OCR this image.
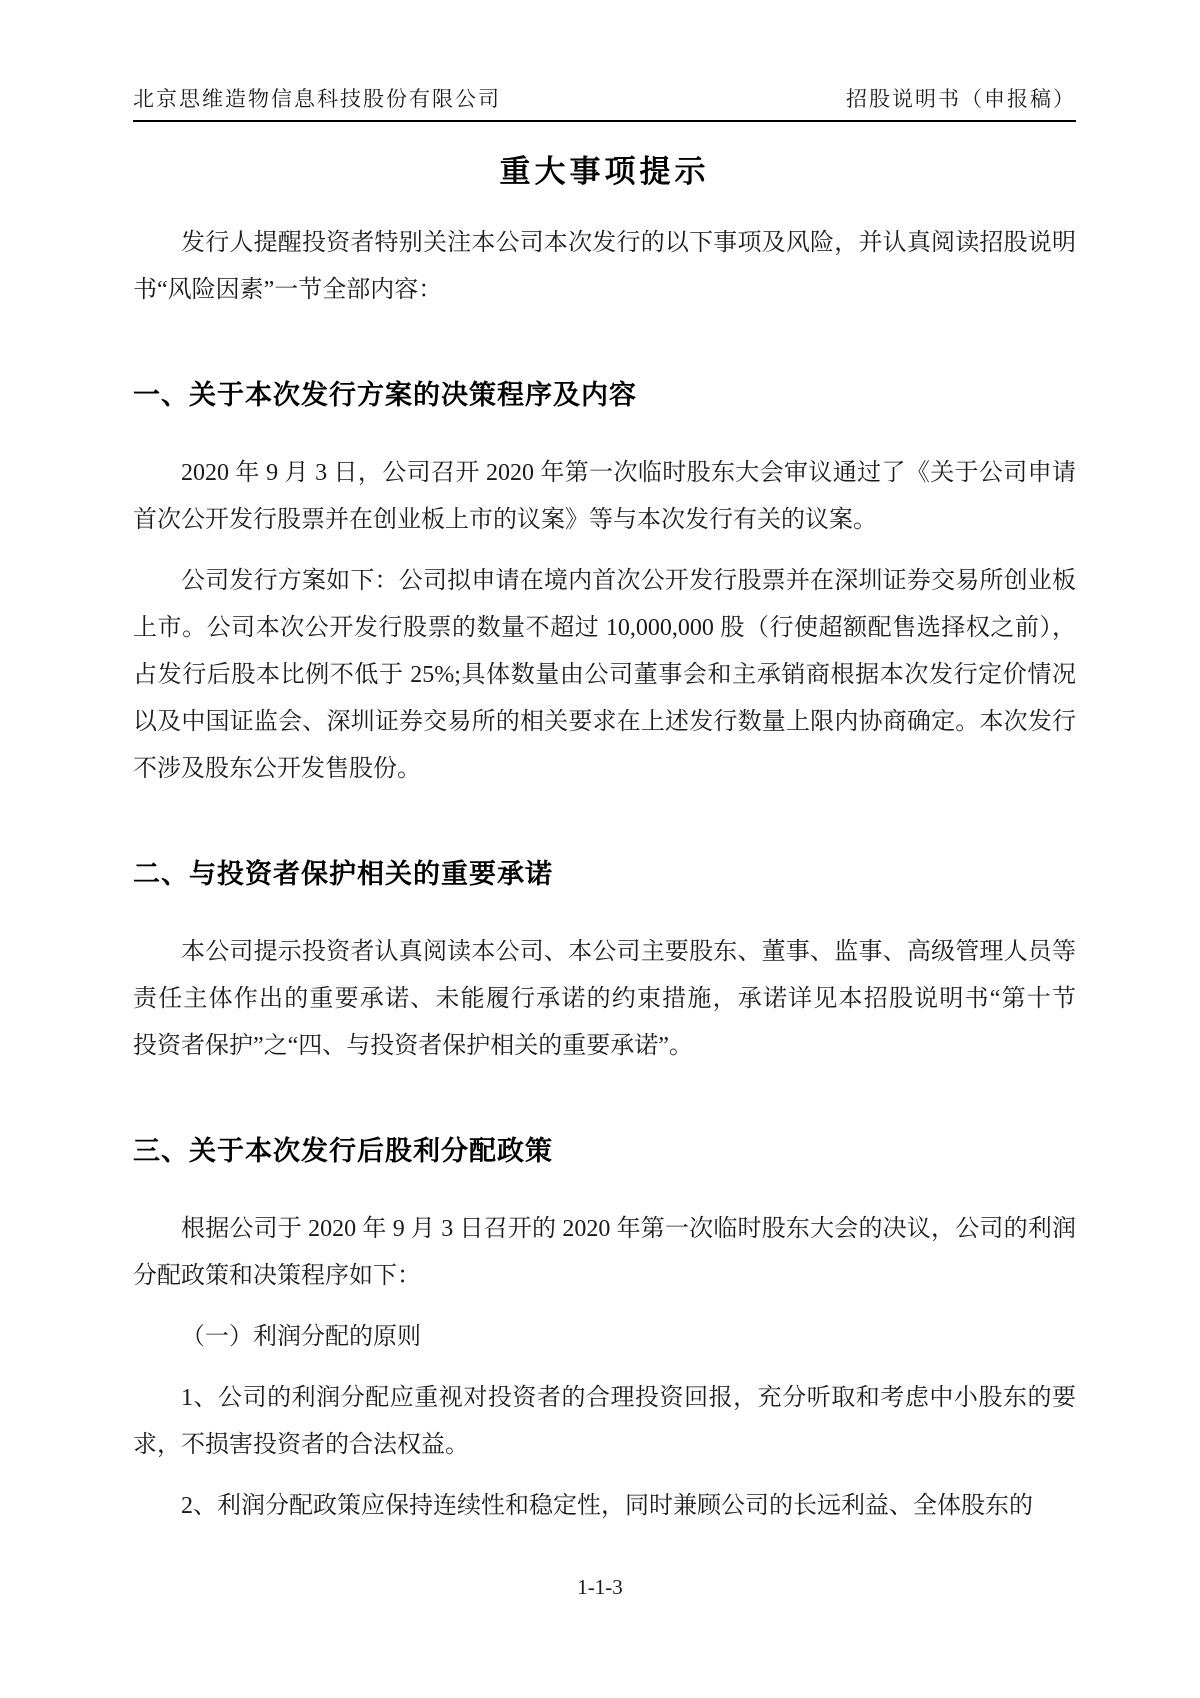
北京思维造物信息科技股份有限公司	招股说明书（申报稿）
重大事项提示

发行人提醒投资者特别关注本公司本次发行的以下事项及风险，并认真阅读招股说明书“风险因素”一节全部内容：

一、关于本次发行方案的决策程序及内容

2020 年 9 月 3 日，公司召开 2020 年第一次临时股东大会审议通过了《关于公司申请首次公开发行股票并在创业板上市的议案》等与本次发行有关的议案。

公司发行方案如下：公司拟申请在境内首次公开发行股票并在深圳证券交易所创业板上市。公司本次公开发行股票的数量不超过 10,000,000 股（行使超额配售选择权之前），占发行后股本比例不低于 25%;具体数量由公司董事会和主承销商根据本次发行定价情况以及中国证监会、深圳证券交易所的相关要求在上述发行数量上限内协商确定。本次发行不涉及股东公开发售股份。

二、与投资者保护相关的重要承诺

本公司提示投资者认真阅读本公司、本公司主要股东、董事、监事、高级管理人员等责任主体作出的重要承诺、未能履行承诺的约束措施，承诺详见本招股说明书“第十节　投资者保护”之“四、与投资者保护相关的重要承诺”。

三、关于本次发行后股利分配政策

根据公司于 2020 年 9 月 3 日召开的 2020 年第一次临时股东大会的决议，公司的利润分配政策和决策程序如下：

（一）利润分配的原则

1、公司的利润分配应重视对投资者的合理投资回报，充分听取和考虑中小股东的要求，不损害投资者的合法权益。

2、利润分配政策应保持连续性和稳定性，同时兼顾公司的长远利益、全体股东的

1-1-3
